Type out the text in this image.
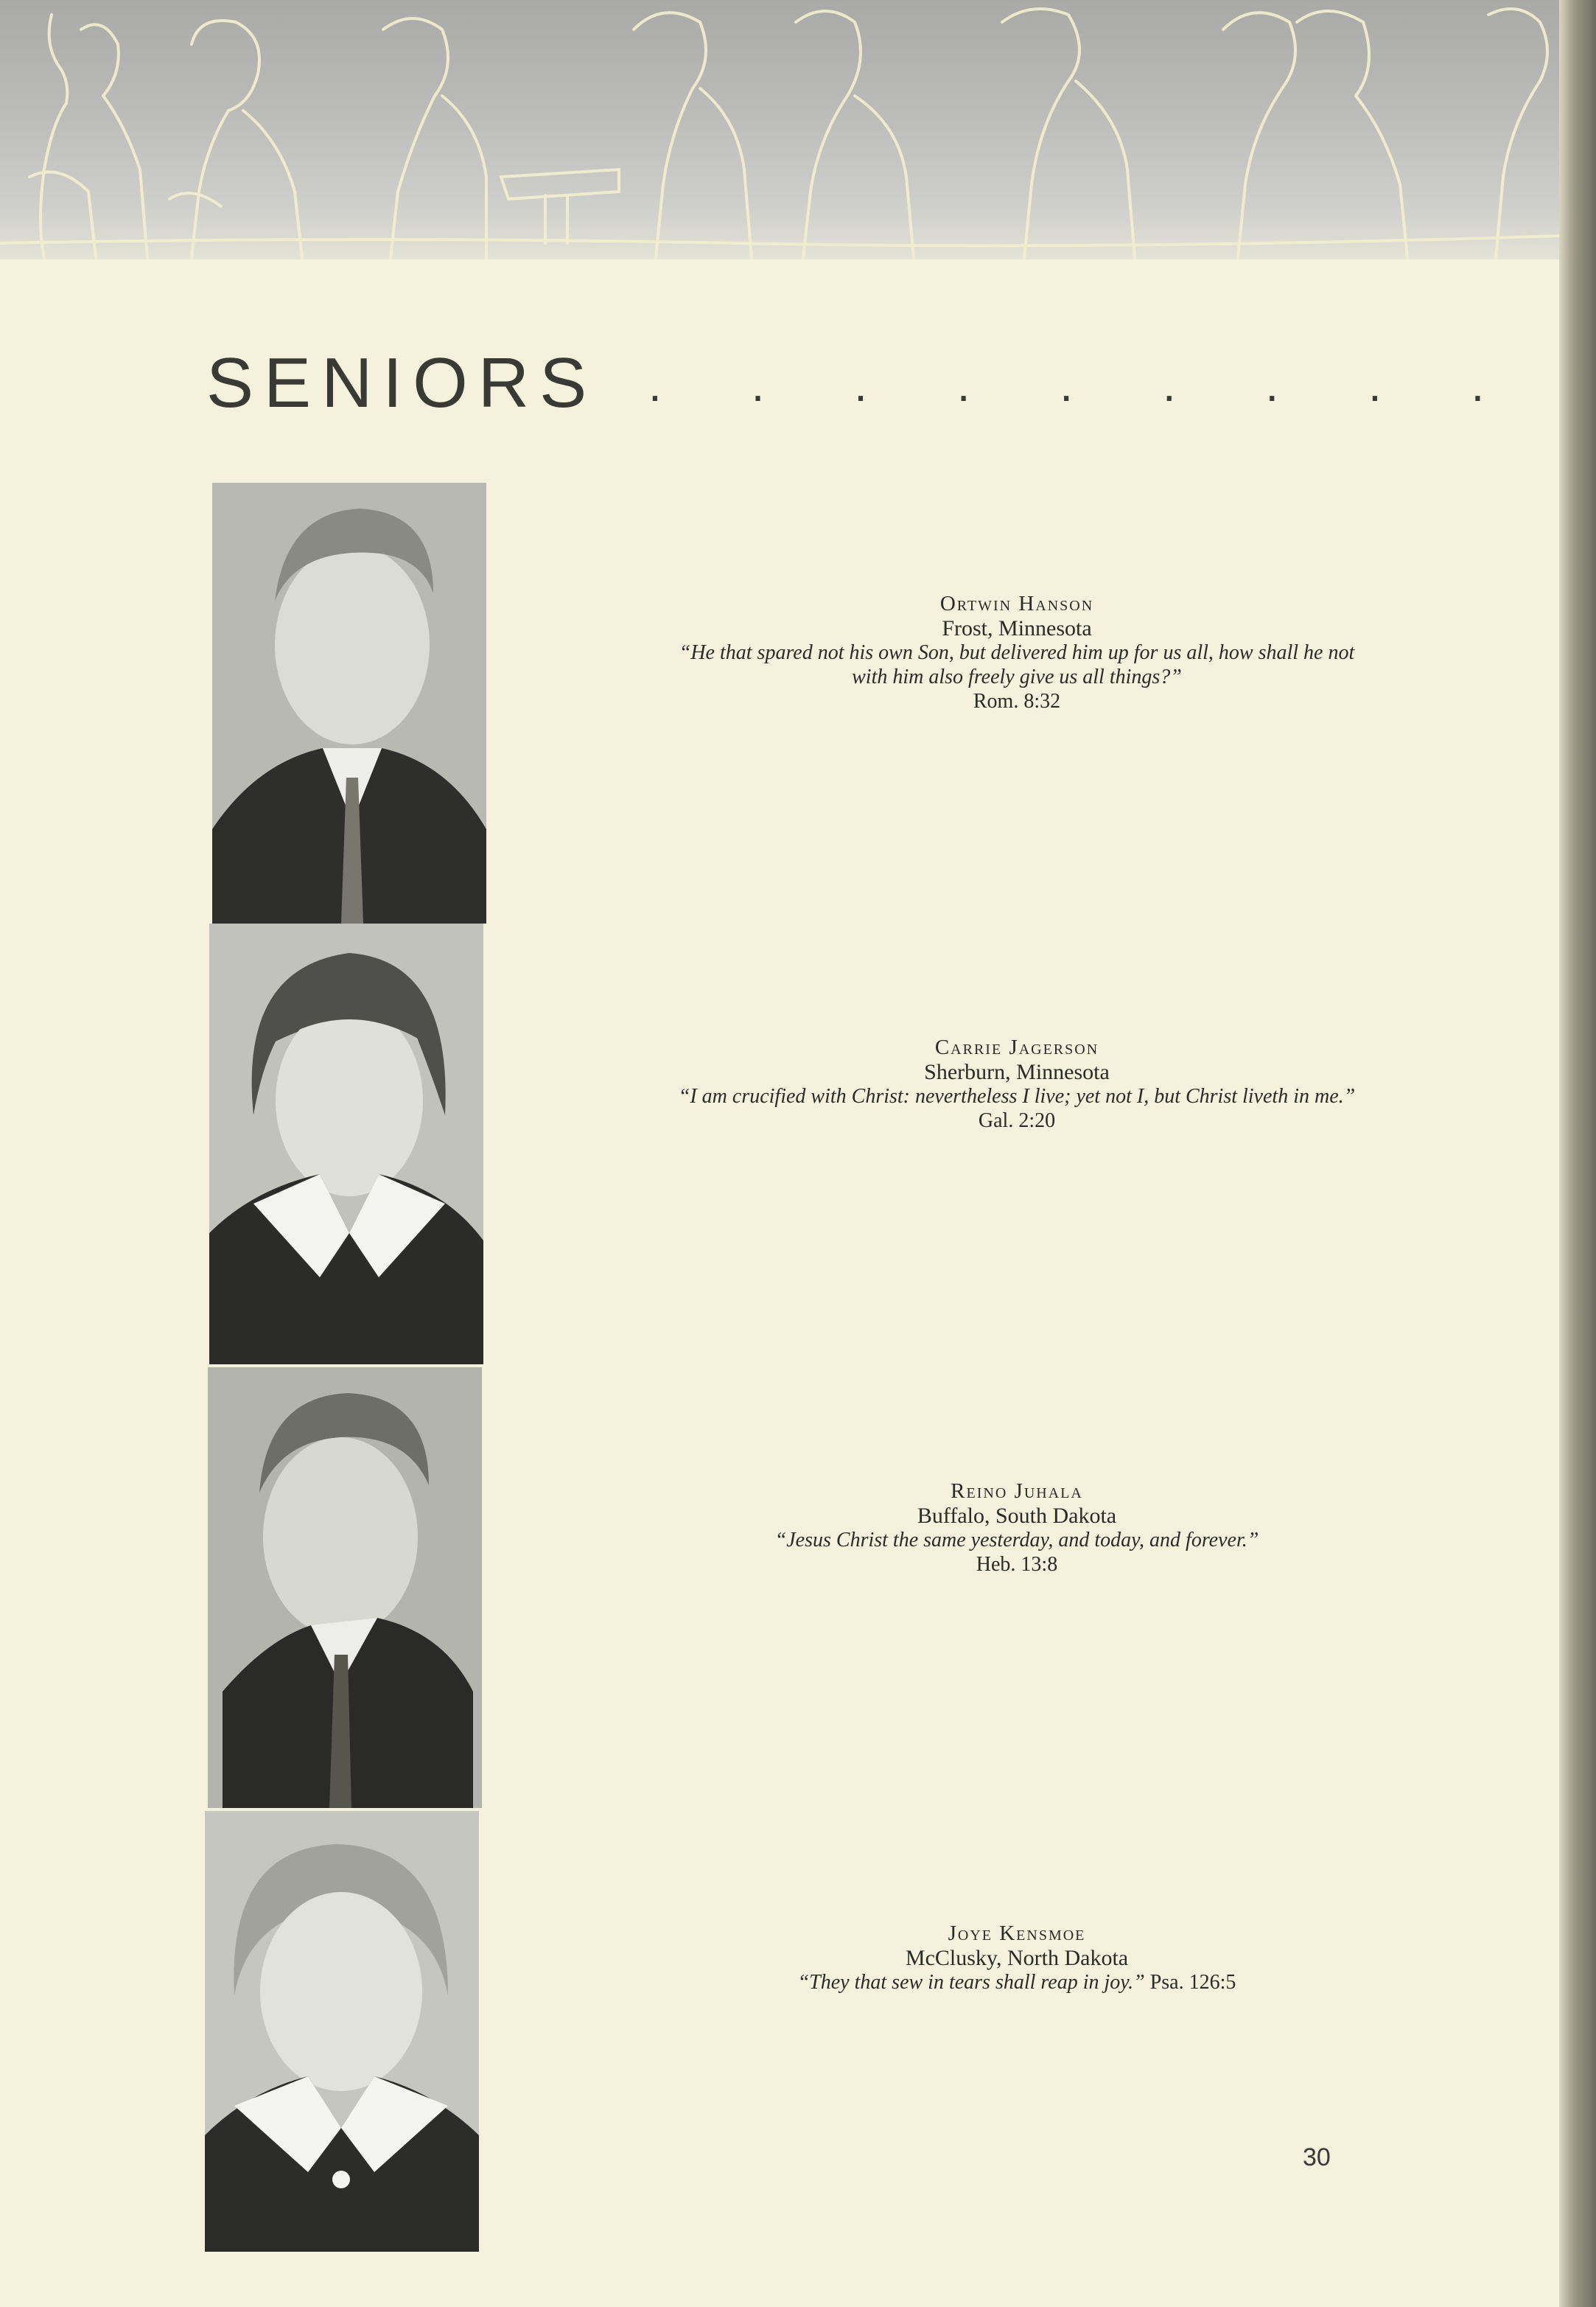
SENIORS . . . . . . . . .
Ortwin Hanson
Frost, Minnesota
“He that spared not his own Son, but delivered him up for us all, how shall he not with him also freely give us all things?”
Rom. 8:32
Carrie Jagerson
Sherburn, Minnesota
“I am crucified with Christ: nevertheless I live; yet not I, but Christ liveth in me.” Gal. 2:20
Reino Juhala
Buffalo, South Dakota
“Jesus Christ the same yesterday, and today, and forever.”
Heb. 13:8
Joye Kensmoe
McClusky, North Dakota
“They that sew in tears shall reap in joy.” Psa. 126:5
30
